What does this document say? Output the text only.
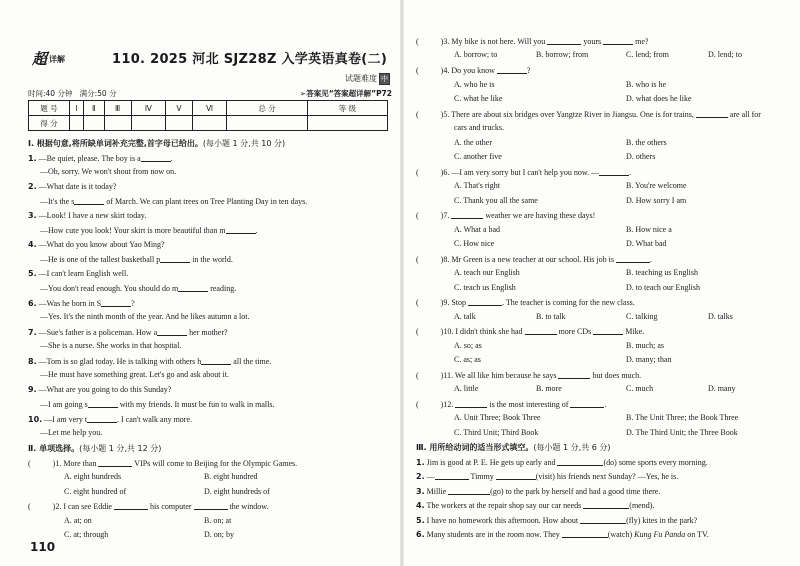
超详解	110. 2025 河北 SJZ28Z 入学英语真卷(二)
试题难度 中
时间:40 分钟 满分:50 分	➢答案见“答案超详解”P72
题 号	Ⅰ	Ⅱ	Ⅲ	Ⅳ	Ⅴ	Ⅵ	总 分	等 级
得 分								
Ⅰ. 根据句意,将所缺单词补充完整,首字母已给出。(每小题 1 分,共 10 分)
1. —Be quiet, please. The boy is a	.
—Oh, sorry. We won't shout from now on.
2. —What date is it today?
—It's the s	of March. We can plant trees on Tree Planting Day in ten days.
3. —Look! I have a new skirt today.
—How cute you look! Your skirt is more beautiful than m	.
4. —What do you know about Yao Ming?
—He is one of the tallest basketball p	in the world.
5. —I can't learn English well.
—You don't read enough. You should do m	reading.
6. —Was he born in S	?
—Yes. It's the ninth month of the year. And he likes autumn a lot.
7. —Sue's father is a policeman. How a	her mother?
—She is a nurse. She works in that hospital.
8. —Tom is so glad today. He is talking with others h	all the time.
—He must have something great. Let's go and ask about it.
9. —What are you going to do this Sunday?
—I am going s	with my friends. It must be fun to walk in malls.
10. —I am very t	. I can't walk any more.
—Let me help you.
Ⅱ. 单项选择。(每小题 1 分,共 12 分)
(	)1. More than	VIPs will come to Beijing for the Olympic Games.
A. eight hundreds	B. eight hundred
C. eight hundred of	D. eight hundreds of
(	)2. I can see Eddie	his computer	the window.
A. at; on	B. on; at
C. at; through	D. on; by
110
(	)3. My bike is not here. Will you	yours	me?
A. borrow; to	B. borrow; from	C. lend; from	D. lend; to
(	)4. Do you know	?
A. who he is	B. who is he
C. what he like	D. what does he like
(	)5. There are about six bridges over Yangtze River in Jiangsu. One is for trains,	are all for
cars and trucks.
A. the other	B. the others
C. another five	D. others
(	)6. —I am very sorry but I can't help you now. —	.
A. That's right	B. You're welcome
C. Thank you all the same	D. How sorry I am
(	)7.	weather we are having these days!
A. What a bad	B. How nice a
C. How nice	D. What bad
(	)8. Mr Green is a new teacher at our school. His job is	.
A. teach our English	B. teaching us English
C. teach us English	D. to teach our English
(	)9. Stop	. The teacher is coming for the new class.
A. talk	B. to talk	C. talking	D. talks
(	)10. I didn't think she had	more CDs	Mike.
A. so; as	B. much; as
C. as; as	D. many; than
(	)11. We all like him because he says	but does much.
A. little	B. more	C. much	D. many
(	)12.	is the most interesting of	.
A. Unit Three; Book Three	B. The Unit Three; the Book Three
C. Third Unit; Third Book	D. The Third Unit; the Three Book
Ⅲ. 用所给动词的适当形式填空。(每小题 1 分,共 6 分)
1. Jim is good at P. E. He gets up early and	(do) some sports every morning.
2. —	Timmy	(visit) his friends next Sunday? —Yes, he is.
3. Millie	(go) to the park by herself and had a good time there.
4. The workers at the repair shop say our car needs	(mend).
5. I have no homework this afternoon. How about	(fly) kites in the park?
6. Many students are in the room now. They	(watch) Kung Fu Panda on TV.
